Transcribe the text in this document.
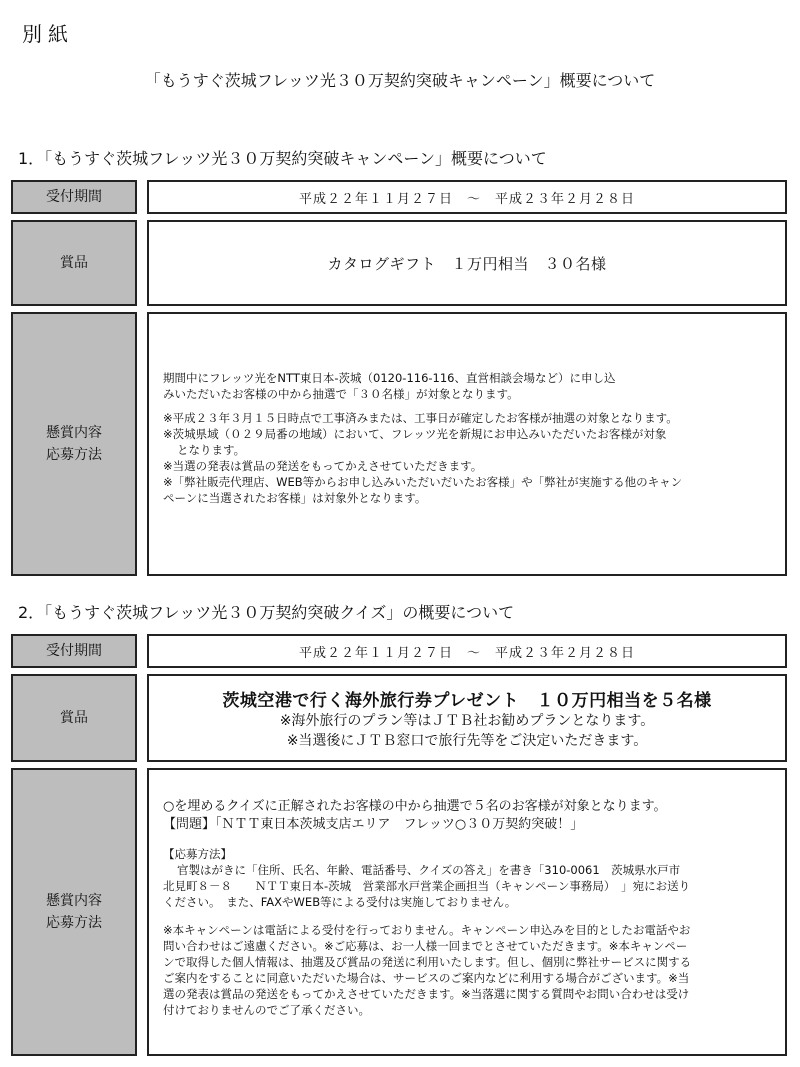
別紙
「もうすぐ茨城フレッツ光３０万契約突破キャンペーン」概要について
1．「もうすぐ茨城フレッツ光３０万契約突破キャンペーン」概要について
受付期間	平成２２年１１月２７日　～　平成２３年２月２８日
賞品	カタログギフト　１万円相当　３０名様
懸賞内容
応募方法

期間中にフレッツ光をNTT東日本-茨城（0120-116-116、直営相談会場など）に申し込

みいただいたお客様の中から抽選で「３０名様」が対象となります。

※平成２３年３月１５日時点で工事済みまたは、工事日が確定したお客様が抽選の対象となります。

※茨城県域（０２９局番の地域）において、フレッツ光を新規にお申込みいただいたお客様が対象

となります。

※当選の発表は賞品の発送をもってかえさせていただきます。

※「弊社販売代理店、WEB等からお申し込みいただいだいたお客様」や「弊社が実施する他のキャン

ペーンに当選されたお客様」は対象外となります。

2．「もうすぐ茨城フレッツ光３０万契約突破クイズ」の概要について
受付期間	平成２２年１１月２７日　～　平成２３年２月２８日
賞品
茨城空港で行く海外旅行券プレゼント　１０万円相当を５名様
※海外旅行のプラン等はＪＴＢ社お勧めプランとなります。
※当選後にＪＴＢ窓口で旅行先等をご決定いただきます。
懸賞内容
応募方法

○を埋めるクイズに正解されたお客様の中から抽選で５名のお客様が対象となります。

【問題】「ＮＴＴ東日本茨城支店エリア　フレッツ○３０万契約突破！」

【応募方法】

官製はがきに「住所、氏名、年齢、電話番号、クイズの答え」を書き「310-0061　茨城県水戸市

北見町８－８　　ＮＴＴ東日本-茨城　営業部水戸営業企画担当（キャンペーン事務局）　」宛にお送り

ください。　また、FAXやWEB等による受付は実施しておりません。

※本キャンペーンは電話による受付を行っておりません。キャンペーン申込みを目的としたお電話やお

問い合わせはご遠慮ください。※ご応募は、お一人様一回までとさせていただきます。※本キャンペー

ンで取得した個人情報は、抽選及び賞品の発送に利用いたします。但し、個別に弊社サービスに関する

ご案内をすることに同意いただいた場合は、サービスのご案内などに利用する場合がございます。※当

選の発表は賞品の発送をもってかえさせていただきます。※当落選に関する質問やお問い合わせは受け

付けておりませんのでご了承ください。
